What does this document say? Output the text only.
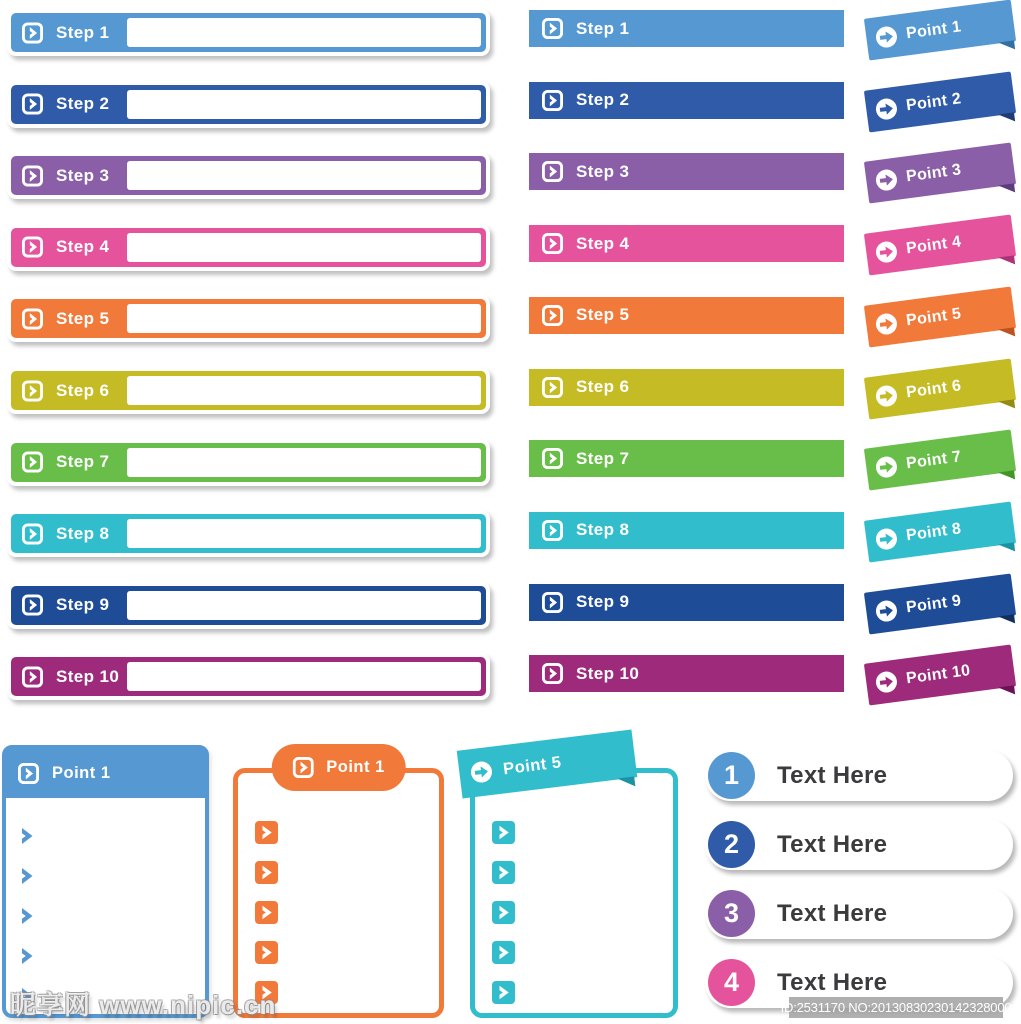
Step 1
Step 2
Step 3
Step 4
Step 5
Step 6
Step 7
Step 8
Step 9
Step 10
Step 1
Step 2
Step 3
Step 4
Step 5
Step 6
Step 7
Step 8
Step 9
Step 10
Point 1
Point 2
Point 3
Point 4
Point 5
Point 6
Point 7
Point 8
Point 9
Point 10
Point 1	Point 1	Point 5	1	Text Here
2	Text Here
3	Text Here
4	Text Here
昵享网 www.nipic.cn	ID:2531170 NO:20130830230142328000
